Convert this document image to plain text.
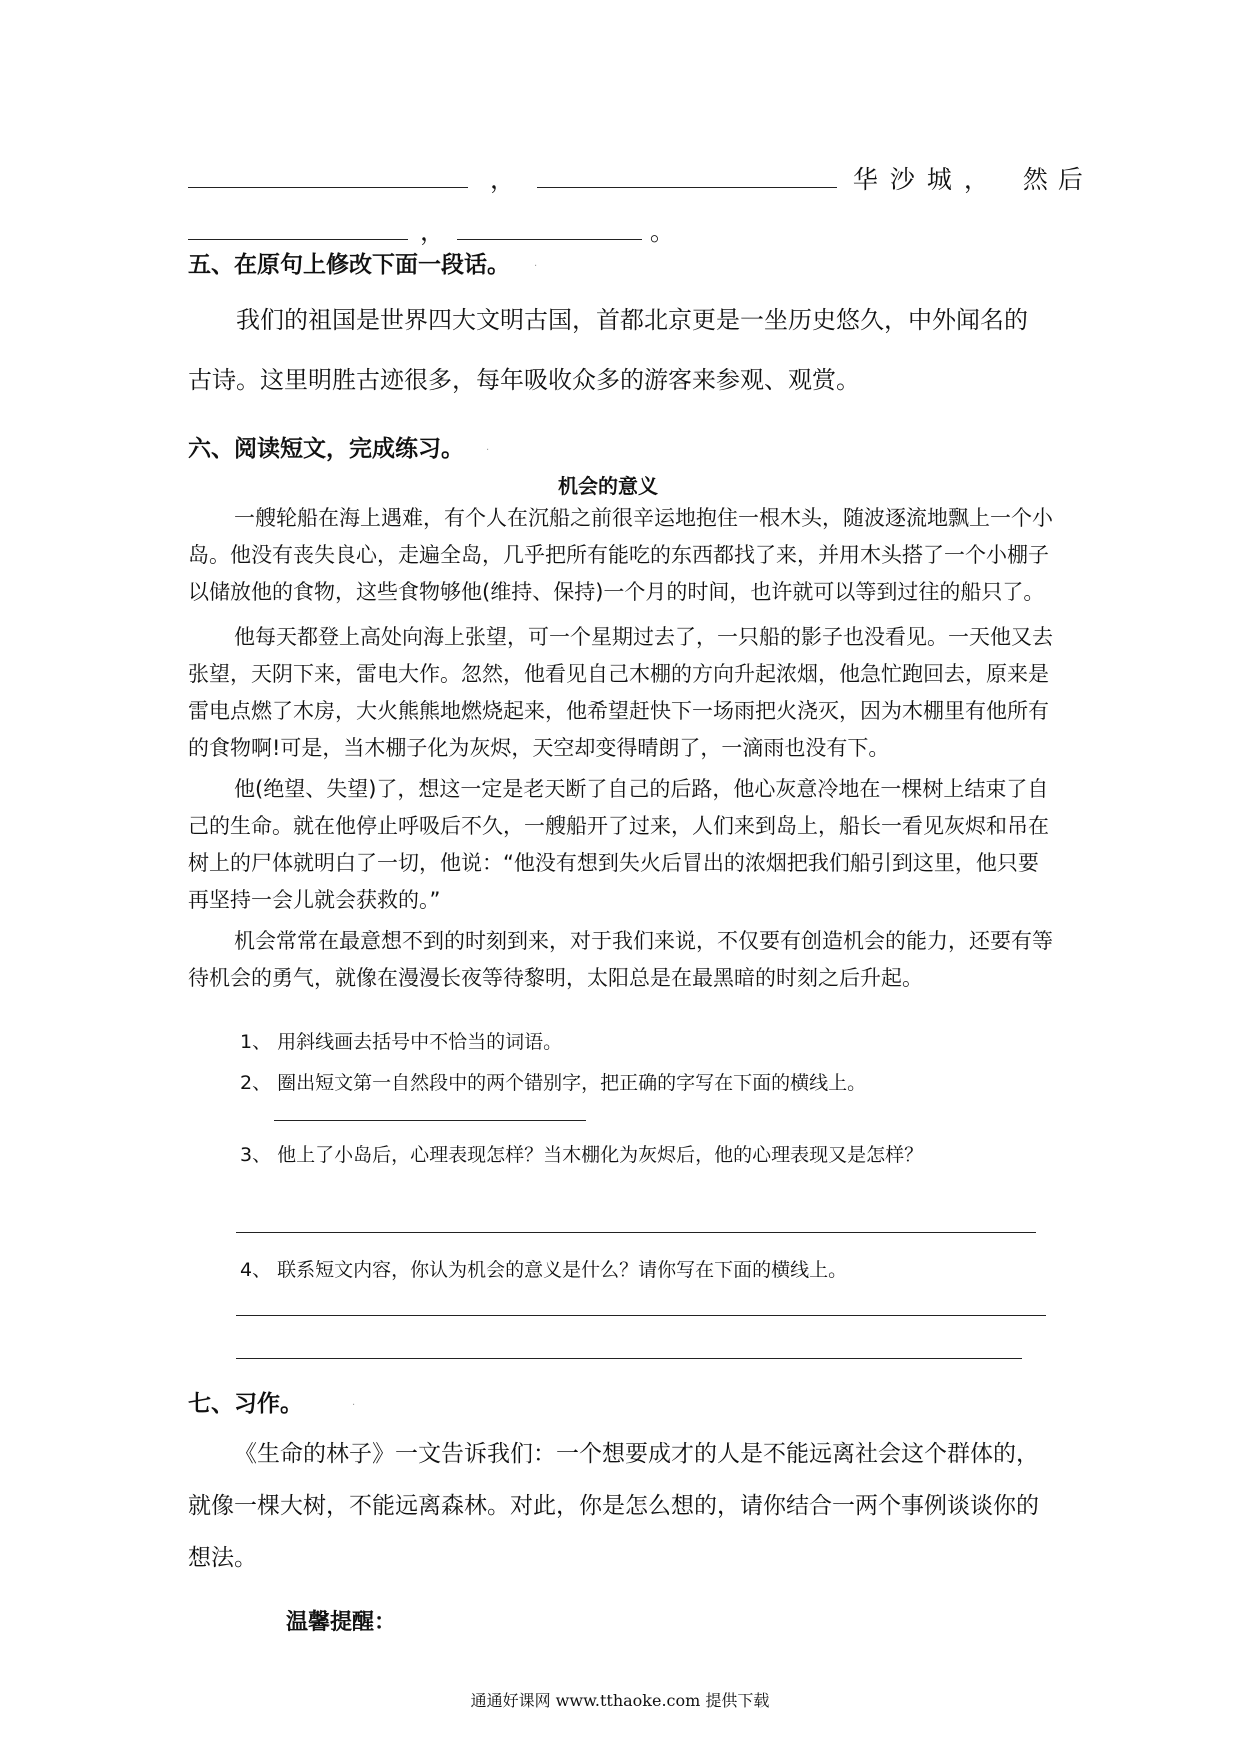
，	华沙城， 然后
，	。
五、在原句上修改下面一段话。 .
我们的祖国是世界四大文明古国，首都北京更是一坐历史悠久，中外闻名的古诗。这里明胜古迹很多，每年吸收众多的游客来参观、观赏。
六、阅读短文，完成练习。 .
机会的意义

一艘轮船在海上遇难，有个人在沉船之前很辛运地抱住一根木头，随波逐流地飘上一个小岛。他没有丧失良心，走遍全岛，几乎把所有能吃的东西都找了来，并用木头搭了一个小棚子以储放他的食物，这些食物够他(维持、保持)一个月的时间，也许就可以等到过往的船只了。

他每天都登上高处向海上张望，可一个星期过去了，一只船的影子也没看见。一天他又去张望，天阴下来，雷电大作。忽然，他看见自己木棚的方向升起浓烟，他急忙跑回去，原来是雷电点燃了木房，大火熊熊地燃烧起来，他希望赶快下一场雨把火浇灭，因为木棚里有他所有的食物啊!可是，当木棚子化为灰烬，天空却变得晴朗了，一滴雨也没有下。

他(绝望、失望)了，想这一定是老天断了自己的后路，他心灰意冷地在一棵树上结束了自己的生命。就在他停止呼吸后不久，一艘船开了过来，人们来到岛上，船长一看见灰烬和吊在树上的尸体就明白了一切，他说：“他没有想到失火后冒出的浓烟把我们船引到这里，他只要再坚持一会儿就会获救的。”

机会常常在最意想不到的时刻到来，对于我们来说，不仅要有创造机会的能力，还要有等待机会的勇气，就像在漫漫长夜等待黎明，太阳总是在最黑暗的时刻之后升起。

1、 用斜线画去括号中不恰当的词语。
2、 圈出短文第一自然段中的两个错别字，把正确的字写在下面的横线上。
3、 他上了小岛后，心理表现怎样？当木棚化为灰烬后，他的心理表现又是怎样？
4、 联系短文内容，你认为机会的意义是什么？请你写在下面的横线上。
七、习作。	.
《生命的林子》一文告诉我们：一个想要成才的人是不能远离社会这个群体的，就像一棵大树，不能远离森林。对此，你是怎么想的，请你结合一两个事例谈谈你的想法。
温馨提醒：
通通好课网 www.tthaoke.com 提供下载
